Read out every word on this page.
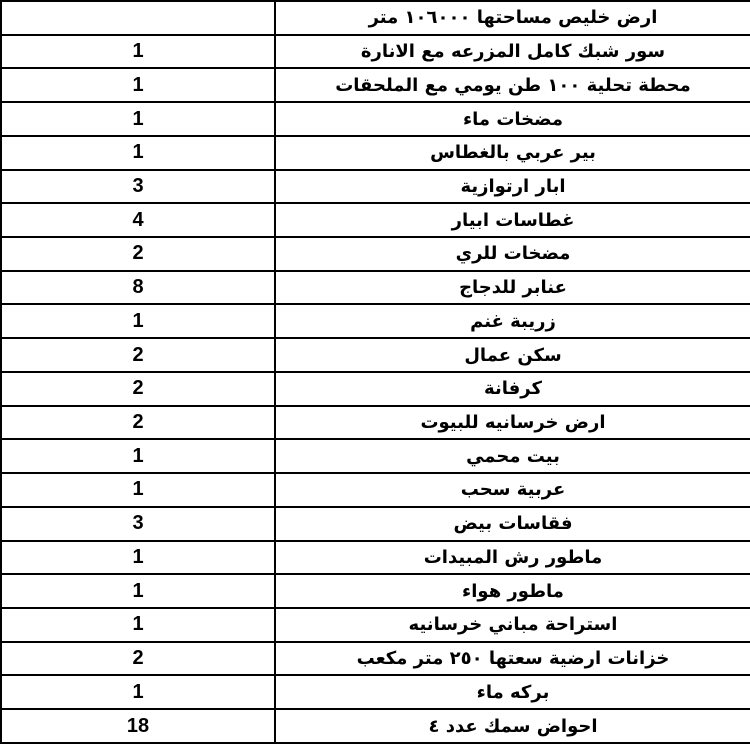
	ارض خليص مساحتها ١٠٦٠٠٠ متر
1	سور شبك كامل المزرعه مع الانارة
1	محطة تحلية ١٠٠ طن يومي مع الملحقات
1	مضخات ماء
1	بير عربي بالغطاس
3	ابار ارتوازية
4	غطاسات ابيار
2	مضخات للري
8	عنابر للدجاج
1	زريبة غنم
2	سكن عمال
2	كرفانة
2	ارض خرسانيه للبيوت
1	بيت محمي
1	عربية سحب
3	فقاسات بيض
1	ماطور رش المبيدات
1	ماطور هواء
1	استراحة مباني خرسانيه
2	خزانات ارضية سعتها ٢٥٠ متر مكعب
1	بركه ماء
18	احواض سمك عدد ٤
